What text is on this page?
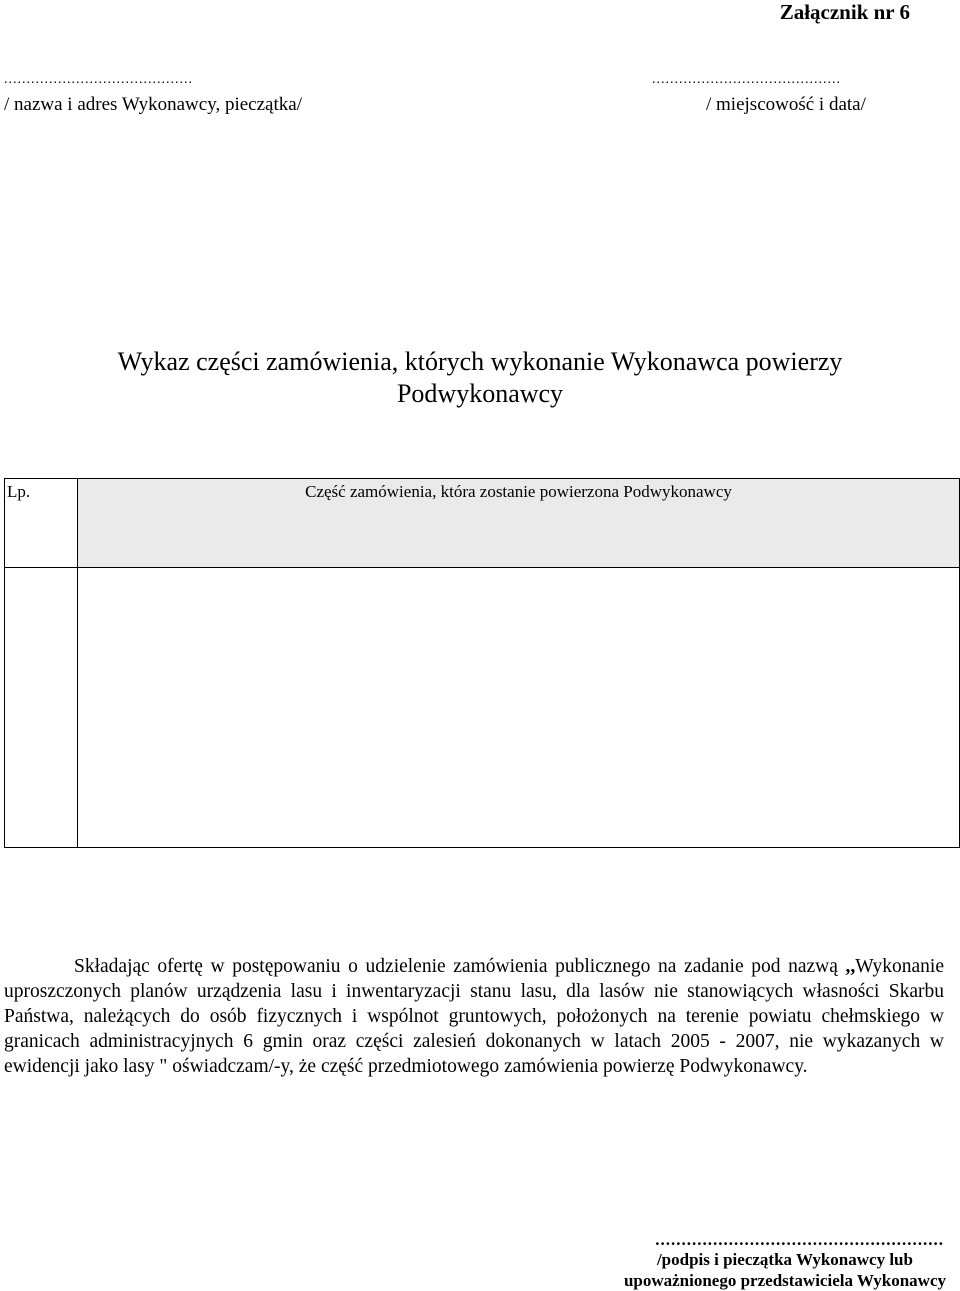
Załącznik nr 6
..........................................
/ nazwa i adres Wykonawcy, pieczątka/
..........................................
/ miejscowość i data/
Wykaz części zamówienia, których wykonanie Wykonawca powierzy
Podwykonawcy
Lp.	Część zamówienia, która zostanie powierzona Podwykonawcy

Składając ofertę w postępowaniu o udzielenie zamówienia publicznego na zadanie pod nazwą ,,Wykonanie uproszczonych planów urządzenia lasu i inwentaryzacji stanu lasu, dla lasów nie stanowiących własności Skarbu Państwa, należących do osób fizycznych i wspólnot gruntowych, położonych na terenie powiatu chełmskiego w granicach administracyjnych 6 gmin oraz części zalesień dokonanych w latach 2005 - 2007, nie wykazanych w ewidencji jako lasy " oświadczam/-y, że część przedmiotowego zamówienia powierzę Podwykonawcy.
.......................................................
/podpis i pieczątka Wykonawcy lub
upoważnionego przedstawiciela Wykonawcy
